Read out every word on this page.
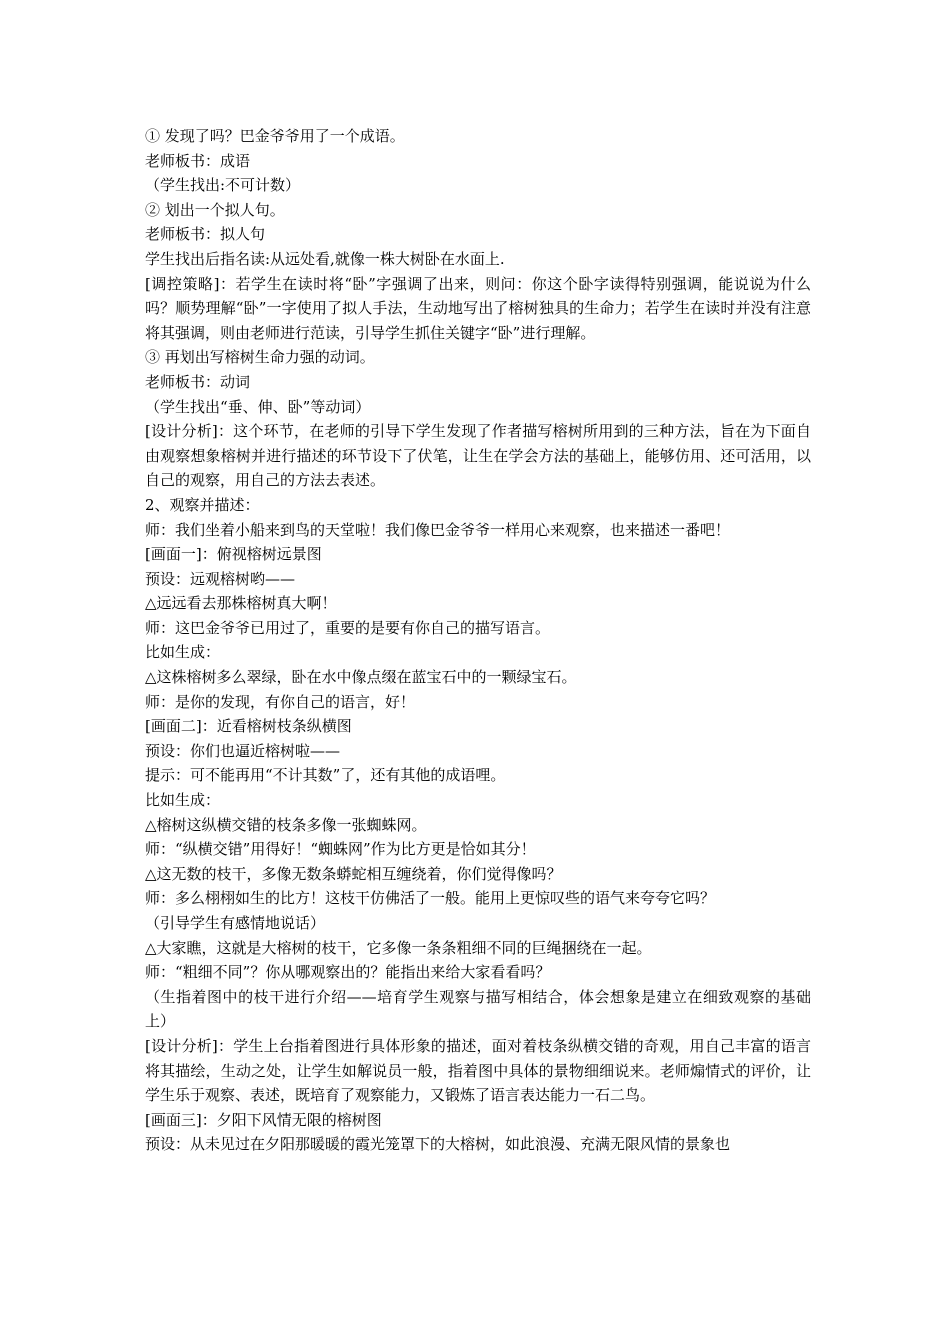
① 发现了吗？巴金爷爷用了一个成语。
老师板书：成语
（学生找出:不可计数）
② 划出一个拟人句。
老师板书：拟人句
学生找出后指名读:从远处看,就像一株大树卧在水面上.
[调控策略]：若学生在读时将“卧”字强调了出来，则问：你这个卧字读得特别强调，能说说为什么吗？顺势理解“卧”一字使用了拟人手法，生动地写出了榕树独具的生命力；若学生在读时并没有注意将其强调，则由老师进行范读，引导学生抓住关键字“卧”进行理解。
③ 再划出写榕树生命力强的动词。
老师板书：动词
（学生找出“垂、伸、卧”等动词）
[设计分析]：这个环节，在老师的引导下学生发现了作者描写榕树所用到的三种方法，旨在为下面自由观察想象榕树并进行描述的环节设下了伏笔，让生在学会方法的基础上，能够仿用、还可活用，以自己的观察，用自己的方法去表述。
2、观察并描述：
师：我们坐着小船来到鸟的天堂啦！我们像巴金爷爷一样用心来观察，也来描述一番吧！
[画面一]：俯视榕树远景图
预设：远观榕树哟——
△远远看去那株榕树真大啊！
师：这巴金爷爷已用过了，重要的是要有你自己的描写语言。
比如生成：
△这株榕树多么翠绿，卧在水中像点缀在蓝宝石中的一颗绿宝石。
师：是你的发现，有你自己的语言，好！
[画面二]：近看榕树枝条纵横图
预设：你们也逼近榕树啦——
提示：可不能再用“不计其数”了，还有其他的成语哩。
比如生成：
△榕树这纵横交错的枝条多像一张蜘蛛网。
师：“纵横交错”用得好！“蜘蛛网”作为比方更是恰如其分！
△这无数的枝干，多像无数条蟒蛇相互缠绕着，你们觉得像吗？
师：多么栩栩如生的比方！这枝干仿佛活了一般。能用上更惊叹些的语气来夸夸它吗？
（引导学生有感情地说话）
△大家瞧，这就是大榕树的枝干，它多像一条条粗细不同的巨绳捆绕在一起。
师：“粗细不同”？你从哪观察出的？能指出来给大家看看吗？
（生指着图中的枝干进行介绍——培育学生观察与描写相结合，体会想象是建立在细致观察的基础上）
[设计分析]：学生上台指着图进行具体形象的描述，面对着枝条纵横交错的奇观，用自己丰富的语言将其描绘，生动之处，让学生如解说员一般，指着图中具体的景物细细说来。老师煽情式的评价，让学生乐于观察、表述，既培育了观察能力，又锻炼了语言表达能力一石二鸟。
[画面三]：夕阳下风情无限的榕树图
预设：从未见过在夕阳那暖暖的霞光笼罩下的大榕树，如此浪漫、充满无限风情的景象也
